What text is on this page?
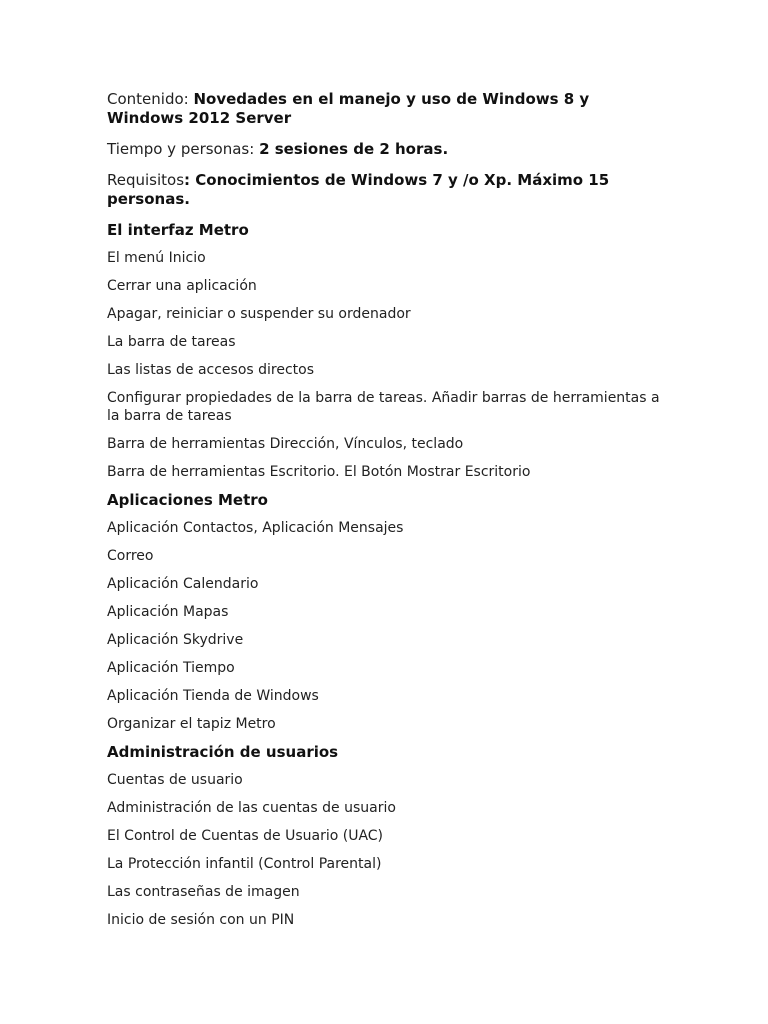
Contenido: Novedades en el manejo y uso de Windows 8 y Windows 2012 Server

Tiempo y personas: 2 sesiones de 2 horas.

Requisitos: Conocimientos de Windows 7 y /o Xp. Máximo 15 personas.

El interfaz Metro
El menú Inicio
Cerrar una aplicación
Apagar, reiniciar o suspender su ordenador
La barra de tareas
Las listas de accesos directos
Configurar propiedades de la barra de tareas. Añadir barras de herramientas a la barra de tareas
Barra de herramientas Dirección, Vínculos, teclado
Barra de herramientas Escritorio. El Botón Mostrar Escritorio
Aplicaciones Metro
Aplicación Contactos, Aplicación Mensajes
Correo
Aplicación Calendario
Aplicación Mapas
Aplicación Skydrive
Aplicación Tiempo
Aplicación Tienda de Windows
Organizar el tapiz Metro
Administración de usuarios
Cuentas de usuario
Administración de las cuentas de usuario
El Control de Cuentas de Usuario (UAC)
La Protección infantil (Control Parental)
Las contraseñas de imagen
Inicio de sesión con un PIN
